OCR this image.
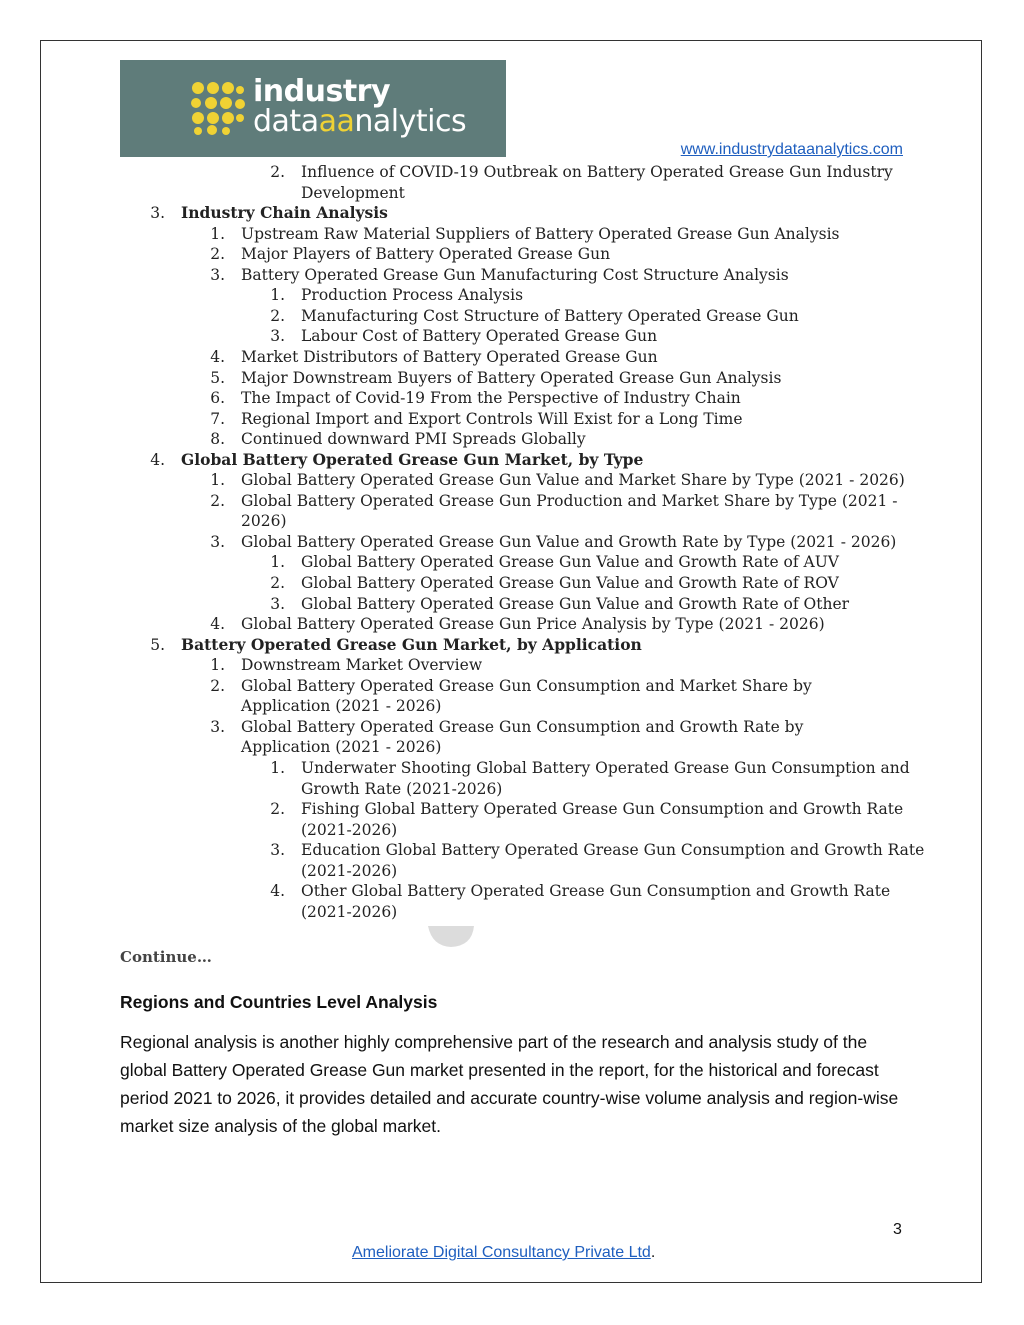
industry
dataaanalytics
www.industrydataanalytics.com
2. Influence of COVID-19 Outbreak on Battery Operated Grease Gun Industry
Development
3. Industry Chain Analysis
1. Upstream Raw Material Suppliers of Battery Operated Grease Gun Analysis
2. Major Players of Battery Operated Grease Gun
3. Battery Operated Grease Gun Manufacturing Cost Structure Analysis
1. Production Process Analysis
2. Manufacturing Cost Structure of Battery Operated Grease Gun
3. Labour Cost of Battery Operated Grease Gun
4. Market Distributors of Battery Operated Grease Gun
5. Major Downstream Buyers of Battery Operated Grease Gun Analysis
6. The Impact of Covid-19 From the Perspective of Industry Chain
7. Regional Import and Export Controls Will Exist for a Long Time
8. Continued downward PMI Spreads Globally
4. Global Battery Operated Grease Gun Market, by Type
1. Global Battery Operated Grease Gun Value and Market Share by Type (2021 - 2026)
2. Global Battery Operated Grease Gun Production and Market Share by Type (2021 -
2026)
3. Global Battery Operated Grease Gun Value and Growth Rate by Type (2021 - 2026)
1. Global Battery Operated Grease Gun Value and Growth Rate of AUV
2. Global Battery Operated Grease Gun Value and Growth Rate of ROV
3. Global Battery Operated Grease Gun Value and Growth Rate of Other
4. Global Battery Operated Grease Gun Price Analysis by Type (2021 - 2026)
5. Battery Operated Grease Gun Market, by Application
1. Downstream Market Overview
2. Global Battery Operated Grease Gun Consumption and Market Share by
Application (2021 - 2026)
3. Global Battery Operated Grease Gun Consumption and Growth Rate by
Application (2021 - 2026)
1. Underwater Shooting Global Battery Operated Grease Gun Consumption and
Growth Rate (2021-2026)
2. Fishing Global Battery Operated Grease Gun Consumption and Growth Rate
(2021-2026)
3. Education Global Battery Operated Grease Gun Consumption and Growth Rate
(2021-2026)
4. Other Global Battery Operated Grease Gun Consumption and Growth Rate
(2021-2026)
Continue…
Regions and Countries Level Analysis
Regional analysis is another highly comprehensive part of the research and analysis study of the global Battery Operated Grease Gun market presented in the report, for the historical and forecast period 2021 to 2026, it provides detailed and accurate country-wise volume analysis and region-wise market size analysis of the global market.
3
Ameliorate Digital Consultancy Private Ltd.
